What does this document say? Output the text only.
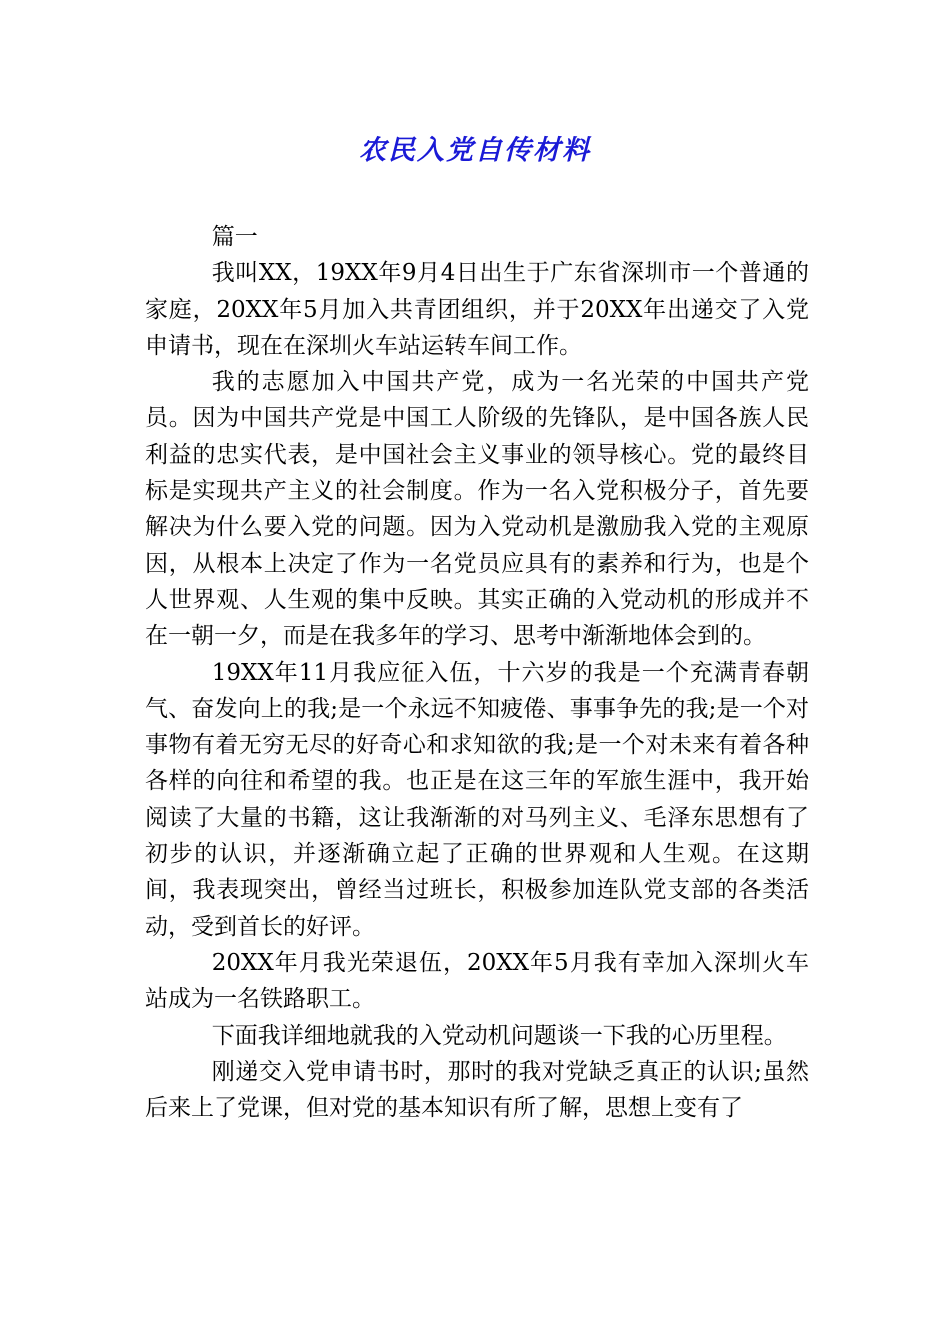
农民入党自传材料

篇一

我叫XX，19XX年9月4日出生于广东省深圳市一个普通的家庭，20XX年5月加入共青团组织，并于20XX年出递交了入党申请书，现在在深圳火车站运转车间工作。

我的志愿加入中国共产党，成为一名光荣的中国共产党员。因为中国共产党是中国工人阶级的先锋队，是中国各族人民利益的忠实代表，是中国社会主义事业的领导核心。党的最终目标是实现共产主义的社会制度。作为一名入党积极分子，首先要解决为什么要入党的问题。因为入党动机是激励我入党的主观原因，从根本上决定了作为一名党员应具有的素养和行为，也是个人世界观、人生观的集中反映。其实正确的入党动机的形成并不在一朝一夕，而是在我多年的学习、思考中渐渐地体会到的。

19XX年11月我应征入伍，十六岁的我是一个充满青春朝气、奋发向上的我;是一个永远不知疲倦、事事争先的我;是一个对事物有着无穷无尽的好奇心和求知欲的我;是一个对未来有着各种各样的向往和希望的我。也正是在这三年的军旅生涯中，我开始阅读了大量的书籍，这让我渐渐的对马列主义、毛泽东思想有了初步的认识，并逐渐确立起了正确的世界观和人生观。在这期间，我表现突出，曾经当过班长，积极参加连队党支部的各类活动，受到首长的好评。

20XX年月我光荣退伍，20XX年5月我有幸加入深圳火车站成为一名铁路职工。

下面我详细地就我的入党动机问题谈一下我的心历里程。

刚递交入党申请书时，那时的我对党缺乏真正的认识;虽然后来上了党课，但对党的基本知识有所了解，思想上变有了
